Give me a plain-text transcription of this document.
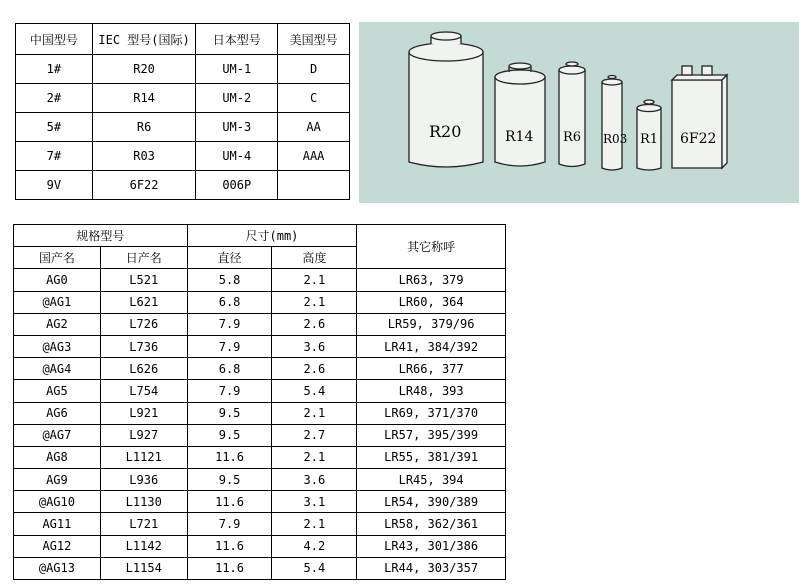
中国型号	IEC 型号(国际)	日本型号	美国型号
1#	R20	UM-1	D
2#	R14	UM-2	C
5#	R6	UM-3	AA
7#	R03	UM-4	AAA
9V	6F22	006P	
R20	R14 R6 R03 R1 6F22
规格型号		尺寸(mm)		其它称呼
国产名	日产名	直径	高度	
AG0	L521	5.8	2.1	LR63, 379
@AG1	L621	6.8	2.1	LR60, 364
AG2	L726	7.9	2.6	LR59, 379/96
@AG3	L736	7.9	3.6	LR41, 384/392
@AG4	L626	6.8	2.6	LR66, 377
AG5	L754	7.9	5.4	LR48, 393
AG6	L921	9.5	2.1	LR69, 371/370
@AG7	L927	9.5	2.7	LR57, 395/399
AG8	L1121	11.6	2.1	LR55, 381/391
AG9	L936	9.5	3.6	LR45, 394
@AG10	L1130	11.6	3.1	LR54, 390/389
AG11	L721	7.9	2.1	LR58, 362/361
AG12	L1142	11.6	4.2	LR43, 301/386
@AG13	L1154	11.6	5.4	LR44, 303/357
